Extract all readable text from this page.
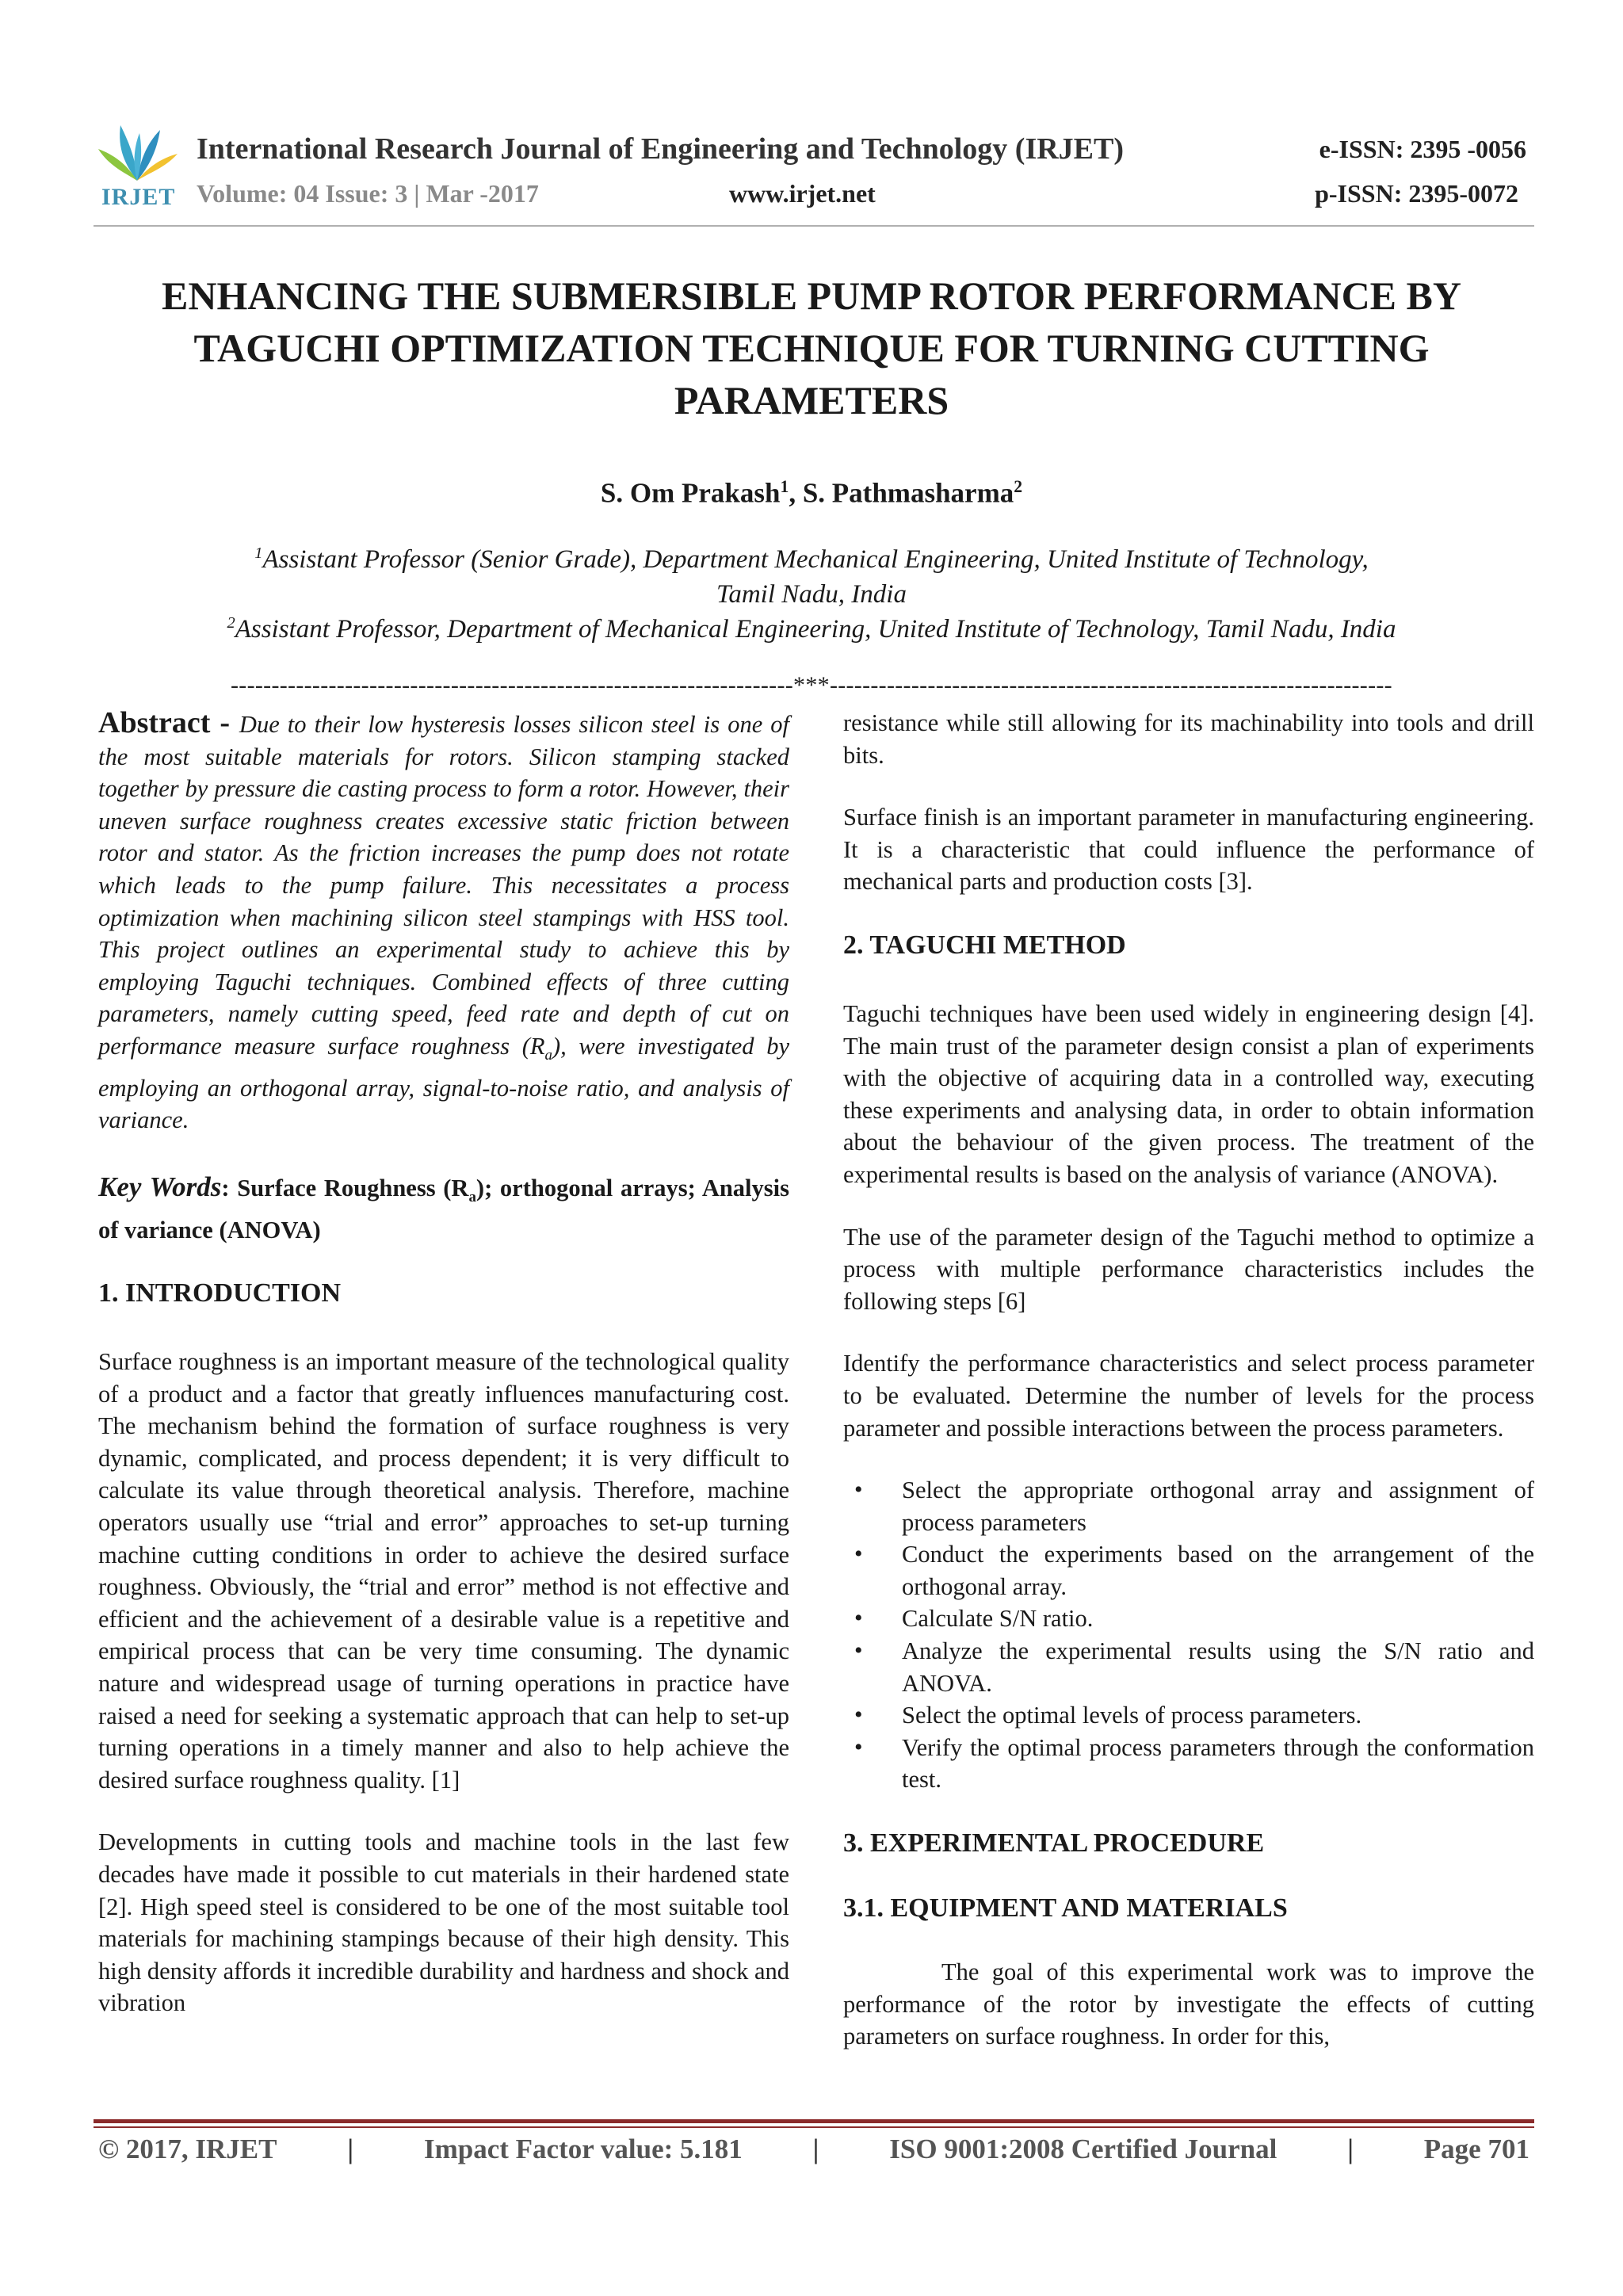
IRJET
International Research Journal of Engineering and Technology (IRJET)	e-ISSN: 2395 -0056
Volume: 04 Issue: 3 | Mar -2017	www.irjet.net	p-ISSN: 2395-0072
ENHANCING THE SUBMERSIBLE PUMP ROTOR PERFORMANCE BY
TAGUCHI OPTIMIZATION TECHNIQUE FOR TURNING CUTTING
PARAMETERS
S. Om Prakash$^1$, S. Pathmasharma$^2$
$^1$Assistant Professor (Senior Grade), Department Mechanical Engineering, United Institute of Technology,
Tamil Nadu, India
$^2$Assistant Professor, Department of Mechanical Engineering, United Institute of Technology, Tamil Nadu, India
---------------------------------------------------------------------***---------------------------------------------------------------------

Abstract - Due to their low hysteresis losses silicon steel is one of the most suitable materials for rotors. Silicon stamping stacked together by pressure die casting process to form a rotor. However, their uneven surface roughness creates excessive static friction between rotor and stator. As the friction increases the pump does not rotate which leads to the pump failure. This necessitates a process optimization when machining silicon steel stampings with HSS tool. This project outlines an experimental study to achieve this by employing Taguchi techniques. Combined effects of three cutting parameters, namely cutting speed, feed rate and depth of cut on performance measure surface roughness $(R_a)$, were investigated by employing an orthogonal array, signal-to-noise ratio, and analysis of variance.

Key Words: Surface Roughness $(R_a)$; orthogonal arrays; Analysis of variance (ANOVA)

1. INTRODUCTION

Surface roughness is an important measure of the technological quality of a product and a factor that greatly influences manufacturing cost. The mechanism behind the formation of surface roughness is very dynamic, complicated, and process dependent; it is very difficult to calculate its value through theoretical analysis. Therefore, machine operators usually use “trial and error” approaches to set-up turning machine cutting conditions in order to achieve the desired surface roughness. Obviously, the “trial and error” method is not effective and efficient and the achievement of a desirable value is a repetitive and empirical process that can be very time consuming. The dynamic nature and widespread usage of turning operations in practice have raised a need for seeking a systematic approach that can help to set-up turning operations in a timely manner and also to help achieve the desired surface roughness quality. [1]

Developments in cutting tools and machine tools in the last few decades have made it possible to cut materials in their hardened state [2]. High speed steel is considered to be one of the most suitable tool materials for machining stampings because of their high density. This high density affords it incredible durability and hardness and shock and vibration

resistance while still allowing for its machinability into tools and drill bits.

Surface finish is an important parameter in manufacturing engineering. It is a characteristic that could influence the performance of mechanical parts and production costs [3].

2. TAGUCHI METHOD

Taguchi techniques have been used widely in engineering design [4]. The main trust of the parameter design consist a plan of experiments with the objective of acquiring data in a controlled way, executing these experiments and analysing data, in order to obtain information about the behaviour of the given process. The treatment of the experimental results is based on the analysis of variance (ANOVA).

The use of the parameter design of the Taguchi method to optimize a process with multiple performance characteristics includes the following steps [6]

Identify the performance characteristics and select process parameter to be evaluated. Determine the number of levels for the process parameter and possible interactions between the process parameters.

• Select the appropriate orthogonal array and assignment of process parameters
• Conduct the experiments based on the arrangement of the orthogonal array.
• Calculate S/N ratio.
• Analyze the experimental results using the S/N ratio and ANOVA.
• Select the optimal levels of process parameters.
• Verify the optimal process parameters through the conformation test.

3. EXPERIMENTAL PROCEDURE

3.1. EQUIPMENT AND MATERIALS

The goal of this experimental work was to improve the performance of the rotor by investigate the effects of cutting parameters on surface roughness. In order for this,

© 2017, IRJET	|	Impact Factor value: 5.181	|	ISO 9001:2008 Certified Journal	|	Page 701
